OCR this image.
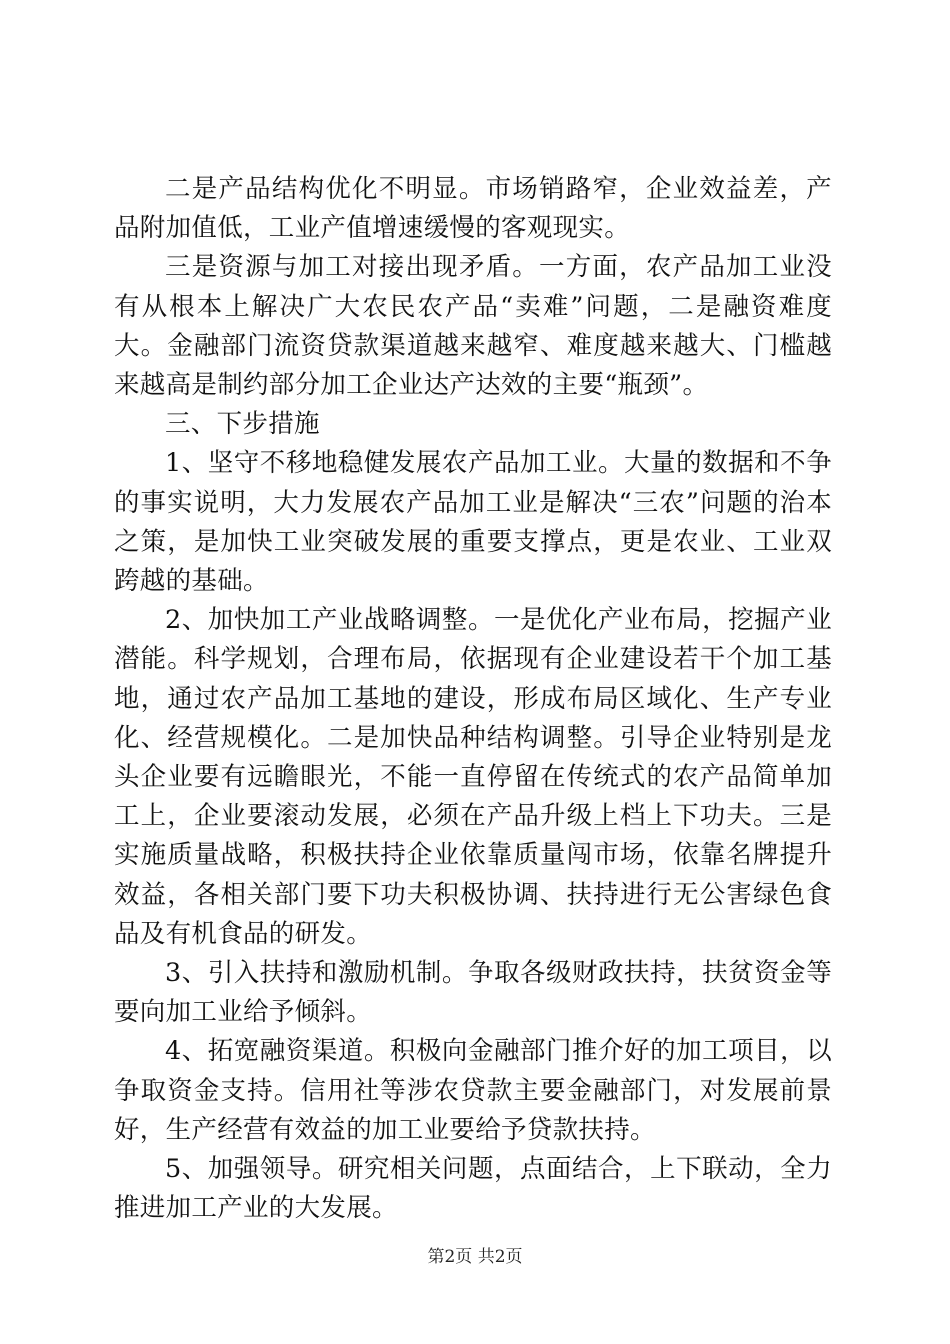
二是产品结构优化不明显。市场销路窄，企业效益差，产品附加值低，工业产值增速缓慢的客观现实。

三是资源与加工对接出现矛盾。一方面，农产品加工业没有从根本上解决广大农民农产品“卖难”问题，二是融资难度大。金融部门流资贷款渠道越来越窄、难度越来越大、门槛越来越高是制约部分加工企业达产达效的主要“瓶颈”。

三、下步措施

1、坚守不移地稳健发展农产品加工业。大量的数据和不争的事实说明，大力发展农产品加工业是解决“三农”问题的治本之策，是加快工业突破发展的重要支撑点，更是农业、工业双跨越的基础。

2、加快加工产业战略调整。一是优化产业布局，挖掘产业潜能。科学规划，合理布局，依据现有企业建设若干个加工基地，通过农产品加工基地的建设，形成布局区域化、生产专业化、经营规模化。二是加快品种结构调整。引导企业特别是龙头企业要有远瞻眼光，不能一直停留在传统式的农产品简单加工上，企业要滚动发展，必须在产品升级上档上下功夫。三是实施质量战略，积极扶持企业依靠质量闯市场，依靠名牌提升效益，各相关部门要下功夫积极协调、扶持进行无公害绿色食品及有机食品的研发。

3、引入扶持和激励机制。争取各级财政扶持，扶贫资金等要向加工业给予倾斜。

4、拓宽融资渠道。积极向金融部门推介好的加工项目，以争取资金支持。信用社等涉农贷款主要金融部门，对发展前景好，生产经营有效益的加工业要给予贷款扶持。

5、加强领导。研究相关问题，点面结合，上下联动，全力推进加工产业的大发展。

第2页 共2页
